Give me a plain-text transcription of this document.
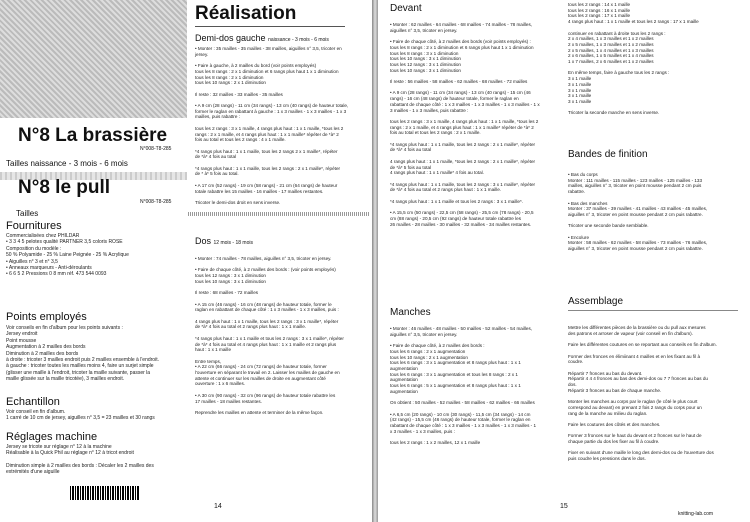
N°8 La brassière
N°008-T8-285
Tailles naissance - 3 mois - 6 mois
N°8 le pull
N°008-T8-285
Tailles
Fournitures
Commercialisées chez PHILDAR
• 3 3 4 5 pelotes qualité PARTNER 3,5 coloris ROSE
Composition du modèle :
50 % Polyamide - 25 % Laine Peignée - 25 % Acrylique
• Aiguilles n° 3 et n° 3,5
• Anneaux marqueurs - Anti-déroulants
• 6 6 5 2 Pressions 0 8 mm réf. 473 544 0093
Points employés
Voir conseils en fin d'album pour les points suivants :
Jersey endroit
Point mousse
Augmentation à 2 mailles des bords
Diminution à 2 mailles des bords
à droite : tricoter 3 mailles endroit puis 2 mailles ensemble à l'endroit.
à gauche : tricoter toutes les mailles moins 4, faire un surjet simple
(glisser une maille à l'endroit, tricoter la maille suivante, passer la
maille glissée sur la maille tricotée), 3 mailles endroit.
Echantillon
Voir conseil en fin d'album.
1 carré de 10 cm de jersey, aiguilles n° 3,5 = 23 mailles et 30 rangs
Réglages machine
Jersey se tricote sur réglage n° 12 à la machine
Réalisable à la Quick Phil au réglage n° 12 à tricot endroit
Diminution simple à 2 mailles des bords : Décaler les 2 mailles des
extrémités d'une aiguille
Réalisation
Demi-dos gauche naissance - 3 mois - 6 mois
• Monter : 35 mailles - 35 mailles - 38 mailles, aiguilles n° 3,5, tricoter en
jersey.

• Faire à gauche, à 2 mailles du bord (voir points employés)
tous les 8 rangs : 2 x 1 diminution et 6 rangs plus haut 1 x 1 diminution
tous les 8 rangs : 2 x 1 diminution
tous les 10 rangs : 2 x 1 diminution

Il reste : 32 mailles - 33 mailles - 35 mailles

• A 9 cm (28 rangs) - 11 cm (34 rangs) - 13 cm (40 rangs) de hauteur totale,
former le raglan en rabattant à gauche : 1 x 3 mailles - 1 x 3 mailles - 1 x 3
mailles, puis rabattre :

tous les 2 rangs : 3 x 1 maille, 4 rangs plus haut : 1 x 1 maille, *tous les 2
rangs : 2 x 1 maille, et 4 rangs plus haut : 1 x 1 maille* répéter de *à* 2
fois au total et tous les 2 rangs : 4 x 1 maille.

*4 rangs plus haut : 1 x 1 maille, tous les 2 rangs 2 x 1 maille*, répéter
de *à* 4 fois au total

*4 rangs plus haut : 1 x 1 maille, tous les 2 rangs : 2 x 1 maille*, répéter
de * à* 5 fois au total.

• A 17 cm (52 rangs) - 19 cm (58 rangs) - 21 cm (64 rangs) de hauteur
totale rabattre les 15 mailles - 16 mailles - 17 mailles restantes.

Tricoter le demi-dos droit en sens inverse.
Dos 12 mois - 18 mois
• Monter : 74 mailles - 78 mailles, aiguilles n° 3,5, tricoter en jersey.

• Faire de chaque côté, à 2 mailles des bords : (voir points employés)
tous les 12 rangs : 3 x 1 diminution
tous les 10 rangs : 3 x 1 diminution

Il reste : 68 mailles - 72 mailles

• A 15 cm (46 rangs) - 16 cm (48 rangs) de hauteur totale, former le
raglan en rabattant de chaque côté : 1 x 3 mailles - 1 x 3 mailles, puis :

4 rangs plus haut : 1 x 1 maille, tous les 2 rangs : 3 x 1 maille*, répéter
de *à* 4 fois au total et 2 rangs plus haut : 1 x 1 maille.

*4 rangs plus haut : 1 x 1 maille et tous les 2 rangs : 3 x 1 maille*, répéter
de *à* 4 fois au total et 4 rangs plus haut : 1 x 1 maille et 2 rangs plus
haut : 1 x 1 maille

Entre temps,
• A 22 cm (66 rangs) - 24 cm (72 rangs) de hauteur totale, former
l'ouverture en séparant le travail en 2. Laisser les mailles de gauche en
attente et continuer sur les mailles de droite en augmentant côté
ouverture : 1 x 6 mailles.

• A 30 cm (90 rangs) - 32 cm (96 rangs) de hauteur totale rabattre les
17 mailles - 18 mailles restantes.

Reprendre les mailles en attente et terminer de la même façon.
14
Devant
• Monter : 62 mailles - 64 mailles - 68 mailles - 74 mailles - 78 mailles,
aiguilles n° 3,5, tricoter en jersey.

• Faire de chaque côté, à 2 mailles des bords (voir points employés) :
tous les 8 rangs : 2 x 1 diminution et 6 rangs plus haut 1 x 1 diminution
tous les 8 rangs : 3 x 1 diminution
tous les 10 rangs : 3 x 1 diminution
tous les 12 rangs : 3 x 1 diminution
tous les 10 rangs : 3 x 1 diminution

Il reste : 56 mailles - 58 mailles - 62 mailles - 68 mailles - 72 mailles

• A 9 cm (28 rangs) - 11 cm (34 rangs) - 13 cm (40 rangs) - 15 cm (46
rangs) - 16 cm (48 rangs) de hauteur totale, former le raglan en
rabattant de chaque côté : 1 x 3 mailles - 1 x 3 mailles - 1 x 3 mailles - 1 x
3 mailles - 1 x 3 mailles, puis rabattre :

tous les 2 rangs : 3 x 1 maille, 4 rangs plus haut : 1 x 1 maille, *tous les 2
rangs : 2 x 1 maille, et 4 rangs plus haut : 1 x 1 maille* répéter de *à* 2
fois au total et tous les 2 rangs : 2 x 1 maille.

*4 rangs plus haut : 1 x 1 maille, tous les 2 rangs : 2 x 1 maille*, répéter
de *à* 4 fois au total

4 rangs plus haut : 1 x 1 maille, *tous les 2 rangs : 2 x 1 maille*, répéter
de *à* 5 fois au total
4 rangs plus haut : 1 x 1 maille* 4 fois au total.

*4 rangs plus haut : 1 x 1 maille, tous les 2 rangs : 3 x 1 maille*, répéter
de *à* 4 fois au total et 2 rangs plus haut : 1 x 1 maille.

*4 rangs plus haut : 1 x 1 maille et tous les 2 rangs : 3 x 1 maille*.

• A 15,5 cm (50 rangs) - 22,5 cm (58 rangs) - 25,5 cm (78 rangs) - 20,5
cm (88 rangs) - 20,5 cm (92 rangs) de hauteur totale rabattre les
26 mailles - 28 mailles - 30 mailles - 32 mailles - 34 mailles restantes.
Manches
• Monter : 46 mailles - 48 mailles - 50 mailles - 52 mailles - 54 mailles,
aiguilles n° 3,5, tricoter en jersey.

• Faire de chaque côté, à 2 mailles des bords :
tous les 6 rangs : 2 x 1 augmentation
tous les 10 rangs : 2 x 1 augmentation
tous les 6 rangs : 3 x 1 augmentation et 8 rangs plus haut : 1 x 1
augmentation
tous les 6 rangs : 3 x 1 augmentation et tous les 8 rangs : 2 x 1
augmentation
tous les 6 rangs : 5 x 1 augmentation et 8 rangs plus haut : 1 x 1
augmentation

On obtient : 50 mailles - 52 mailles - 58 mailles - 62 mailles - 66 mailles

• A 6,5 cm (20 rangs) - 10 cm (30 rangs) - 11,5 cm (34 rangs) - 14 cm
(42 rangs) - 15,5 cm (46 rangs) de hauteur totale, former le raglan en
rabattant de chaque côté : 1 x 3 mailles - 1 x 3 mailles - 1 x 3 mailles - 1
x 3 mailles - 1 x 3 mailles, puis :

tous les 2 rangs : 1 x 2 mailles, 12 x 1 maille
tous les 2 rangs : 14 x 1 maille
tous les 2 rangs : 16 x 1 maille
tous les 2 rangs : 17 x 1 maille
4 rangs plus haut : 1 x 1 maille et tous les 2 rangs : 17 x 1 maille

continuer en rabattant à droite tous les 2 rangs :
2 x 4 mailles, 1 x 3 mailles et 1 x 2 mailles
2 x 5 mailles, 1 x 3 mailles et 1 x 2 mailles
2 x 5 mailles, 1 x 4 mailles et 1 x 3 mailles
2 x 6 mailles, 1 x 5 mailles et 1 x 4 mailles
1 x 7 mailles, 2 x 6 mailles et 1 x 2 mailles

En même temps, faire à gauche tous les 2 rangs :
3 x 1 maille
3 x 1 maille
3 x 1 maille
3 x 1 maille
3 x 1 maille

Tricoter la seconde manche en sens inverse.
Bandes de finition
• Bas du corps
Monter : 111 mailles - 115 mailles - 123 mailles - 125 mailles - 133
mailles, aiguilles n° 3, tricoter en point mousse pendant 2 cm puis
rabattre.

• Bas des manches
Monter : 37 mailles - 39 mailles - 41 mailles - 43 mailles - 45 mailles,
aiguilles n° 3, tricoter en point mousse pendant 2 cm puis rabattre.

Tricoter une seconde bande semblable.

• Encolure
Monter : 58 mailles - 62 mailles - 58 mailles - 73 mailles - 76 mailles,
aiguilles n° 3, tricoter en point mousse pendant 2 cm puis rabattre.
Assemblage
Mettre les différentes pièces de la brassière ou du pull aux mesures
des patrons et arroser de vapeur (voir conseil en fin d'album).

Faire les différentes coutures en se reportant aux conseils en fin d'album.

Former des fronces en élimiinant 4 mailles et en les fixant au fil à
coudre.

Répartir 7 fronces au bas du devant.
Répartir 4 4 4 fronces au bas des demi-dos ou 7 7 fronces au bas du
dos.
Répartir 3 fronces au bas de chaque manche.

Monter les manches au corps par le raglan (le côté le plus court
correspond au devant) en prenant 2 fois 2 rangs du corps pour un
rang de la manche au milieu du raglan.

Faire les coutures des côtés et des manches.

Former 3 fronces sur le haut du devant et 2 fronces sur le haut de
chaque partie du dos les fixer au fil à coudre.

Fixer en suivant d'une maille le long des demi-dos ou de l'ouverture dos
puis coudre les pressions dans le dos.
15
knitting-lab.com
